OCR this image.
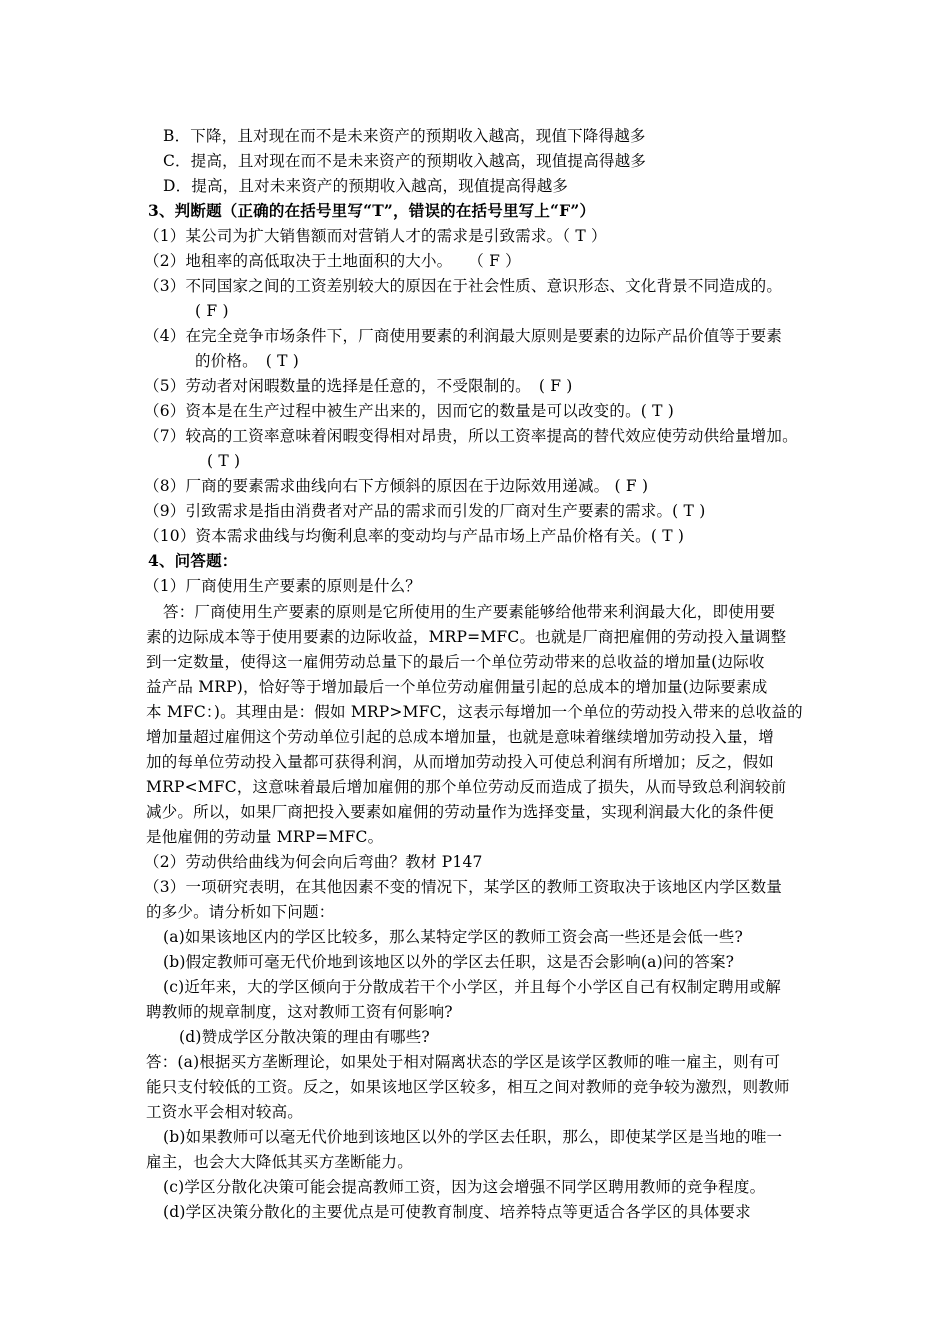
B．下降，且对现在而不是未来资产的预期收入越高，现值下降得越多
C．提高，且对现在而不是未来资产的预期收入越高，现值提高得越多
D．提高，且对未来资产的预期收入越高，现值提高得越多
3、判断题（正确的在括号里写“T”，错误的在括号里写上“F”）
（1）某公司为扩大销售额而对营销人才的需求是引致需求。（ T ）
（2）地租率的高低取决于土地面积的大小。　　（ F ）
（3）不同国家之间的工资差别较大的原因在于社会性质、意识形态、文化背景不同造成的。
( F )
（4）在完全竞争市场条件下，厂商使用要素的利润最大原则是要素的边际产品价值等于要素
的价格。　( T )
（5）劳动者对闲暇数量的选择是任意的，不受限制的。　( F )
（6）资本是在生产过程中被生产出来的，因而它的数量是可以改变的。( T )
（7）较高的工资率意味着闲暇变得相对昂贵，所以工资率提高的替代效应使劳动供给量增加。
( T )
（8）厂商的要素需求曲线向右下方倾斜的原因在于边际效用递减。 ( F )
（9）引致需求是指由消费者对产品的需求而引发的厂商对生产要素的需求。( T )
（10）资本需求曲线与均衡利息率的变动均与产品市场上产品价格有关。( T )
4、问答题：
（1）厂商使用生产要素的原则是什么？
答：厂商使用生产要素的原则是它所使用的生产要素能够给他带来利润最大化，即使用要
素的边际成本等于使用要素的边际收益，MRP=MFC。也就是厂商把雇佣的劳动投入量调整
到一定数量，使得这一雇佣劳动总量下的最后一个单位劳动带来的总收益的增加量(边际收
益产品 MRP)，恰好等于增加最后一个单位劳动雇佣量引起的总成本的增加量(边际要素成
本 MFC：)。其理由是：假如 MRP>MFC，这表示每增加一个单位的劳动投入带来的总收益的
增加量超过雇佣这个劳动单位引起的总成本增加量，也就是意味着继续增加劳动投入量，增
加的每单位劳动投入量都可获得利润，从而增加劳动投入可使总利润有所增加；反之，假如
MRP<MFC，这意味着最后增加雇佣的那个单位劳动反而造成了损失，从而导致总利润较前
减少。所以，如果厂商把投入要素如雇佣的劳动量作为选择变量，实现利润最大化的条件便
是他雇佣的劳动量 MRP=MFC。
（2）劳动供给曲线为何会向后弯曲？教材 P147
（3）一项研究表明，在其他因素不变的情况下，某学区的教师工资取决于该地区内学区数量
的多少。请分析如下问题：
(a)如果该地区内的学区比较多，那么某特定学区的教师工资会高一些还是会低一些?
(b)假定教师可毫无代价地到该地区以外的学区去任职，这是否会影响(a)问的答案?
(c)近年来，大的学区倾向于分散成若干个小学区，并且每个小学区自己有权制定聘用或解
聘教师的规章制度，这对教师工资有何影响?
(d)赞成学区分散决策的理由有哪些?
答：(a)根据买方垄断理论，如果处于相对隔离状态的学区是该学区教师的唯一雇主，则有可
能只支付较低的工资。反之，如果该地区学区较多，相互之间对教师的竞争较为激烈，则教师
工资水平会相对较高。
(b)如果教师可以毫无代价地到该地区以外的学区去任职，那么，即使某学区是当地的唯一
雇主，也会大大降低其买方垄断能力。
(c)学区分散化决策可能会提高教师工资，因为这会增强不同学区聘用教师的竞争程度。
(d)学区决策分散化的主要优点是可使教育制度、培养特点等更适合各学区的具体要求
